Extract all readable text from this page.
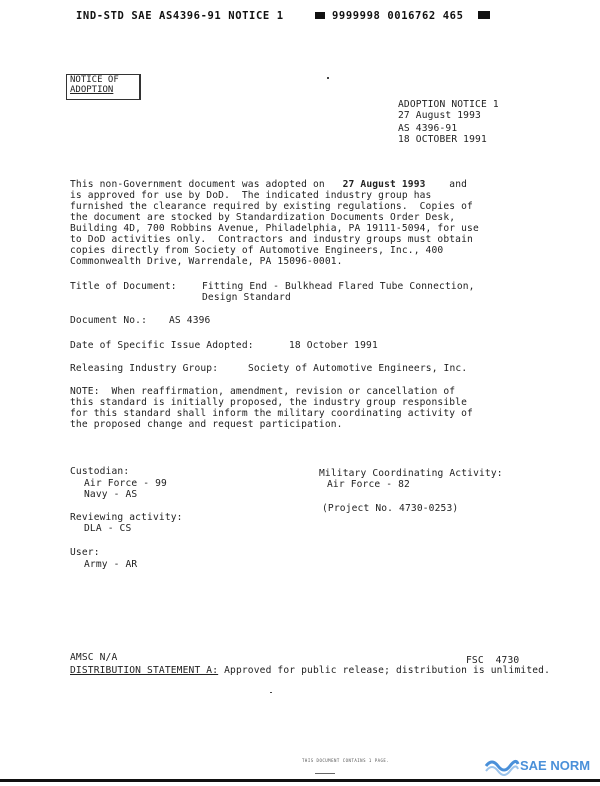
IND-STD SAE AS4396-91 NOTICE 1	9999998 0016762 465
NOTICE OF
ADOPTION
ADOPTION NOTICE 1
27 August 1993
AS 4396-91
18 OCTOBER 1991
This non-Government document was adopted on 27 August 1993 and
is approved for use by DoD.  The indicated industry group has
furnished the clearance required by existing regulations.  Copies of
the document are stocked by Standardization Documents Order Desk,
Building 4D, 700 Robbins Avenue, Philadelphia, PA 19111-5094, for use
to DoD activities only.  Contractors and industry groups must obtain
copies directly from Society of Automotive Engineers, Inc., 400
Commonwealth Drive, Warrendale, PA 15096-0001.
Title of Document:	Fitting End - Bulkhead Flared Tube Connection,
Design Standard
Document No.: AS 4396
Date of Specific Issue Adopted:	18 October 1991
Releasing Industry Group:	Society of Automotive Engineers, Inc.
NOTE:  When reaffirmation, amendment, revision or cancellation of
this standard is initially proposed, the industry group responsible
for this standard shall inform the military coordinating activity of
the proposed change and request participation.
Custodian:
Air Force - 99
Navy - AS
Reviewing activity:
DLA - CS
User:
Army - AR
Military Coordinating Activity:
Air Force - 82
(Project No. 4730-0253)
AMSC N/A	FSC  4730
DISTRIBUTION STATEMENT A: Approved for public release; distribution is unlimited.
THIS DOCUMENT CONTAINS 1 PAGE.	SAE NORM
